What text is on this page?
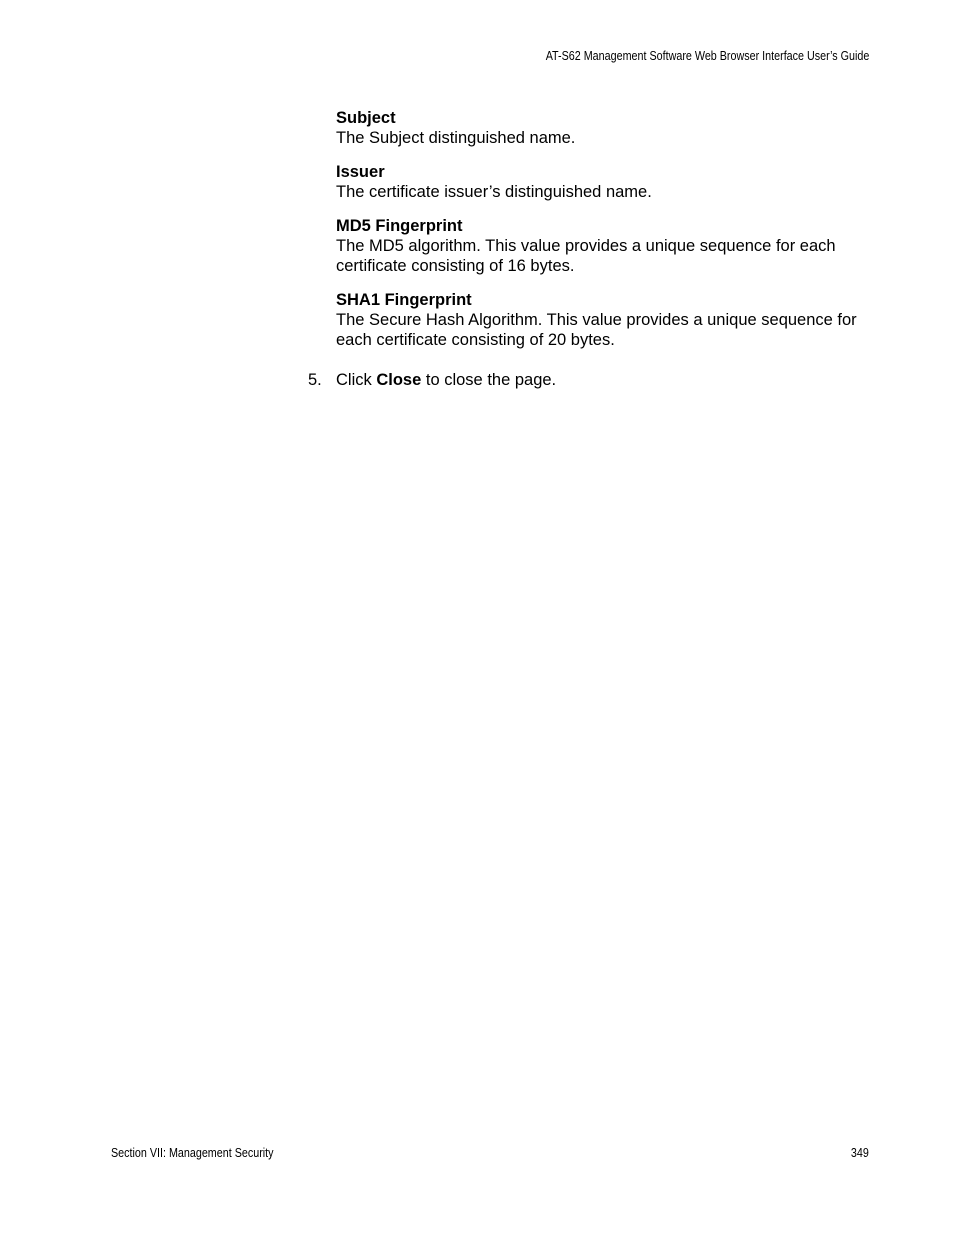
AT-S62 Management Software Web Browser Interface User’s Guide
Subject
The Subject distinguished name.
Issuer
The certificate issuer’s distinguished name.
MD5 Fingerprint
The MD5 algorithm. This value provides a unique sequence for each certificate consisting of 16 bytes.
SHA1 Fingerprint
The Secure Hash Algorithm. This value provides a unique sequence for each certificate consisting of 20 bytes.
5. Click Close to close the page.
Section VII: Management Security	349
